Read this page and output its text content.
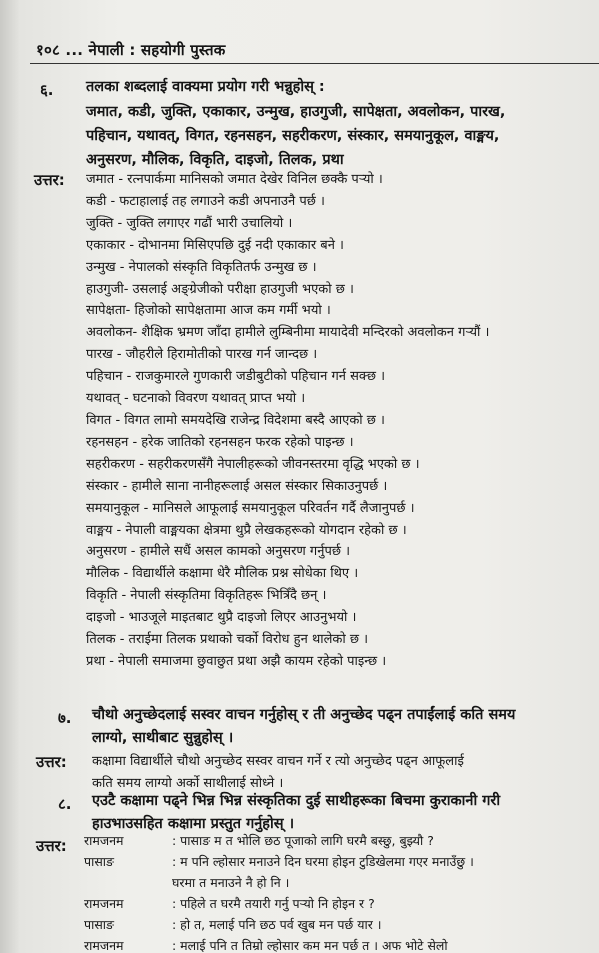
१०८ ... नेपाली : सहयोगी पुस्तक
६. तलका शब्दलाई वाक्यमा प्रयोग गरी भन्नुहोस् :
जमात, कडी, जुक्ति, एकाकार, उन्मुख, हाउगुजी, सापेक्षता, अवलोकन, पारख,
पहिचान, यथावत्, विगत, रहनसहन, सहरीकरण, संस्कार, समयानुकूल, वाङ्मय,
अनुसरण, मौलिक, विकृति, दाइजो, तिलक, प्रथा
उत्तर: जमात - रत्नपार्कमा मानिसको जमात देखेर विनिल छक्कै पऱ्यो ।
कडी - फटाहालाई तह लगाउने कडी अपनाउनै पर्छ ।
जुक्ति - जुक्ति लगाएर गढौं भारी उचालियो ।
एकाकार - दोभानमा मिसिएपछि दुई नदी एकाकार बने ।
उन्मुख - नेपालको संस्कृति विकृतितर्फ उन्मुख छ ।
हाउगुजी- उसलाई अङ्ग्रेजीको परीक्षा हाउगुजी भएको छ ।
सापेक्षता- हिजोको सापेक्षतामा आज कम गर्मी भयो ।
अवलोकन- शैक्षिक भ्रमण जाँदा हामीले लुम्बिनीमा मायादेवी मन्दिरको अवलोकन गऱ्यौं ।
पारख - जौहरीले हिरामोतीको पारख गर्न जान्दछ ।
पहिचान - राजकुमारले गुणकारी जडीबुटीको पहिचान गर्न सक्छ ।
यथावत् - घटनाको विवरण यथावत् प्राप्त भयो ।
विगत - विगत लामो समयदेखि राजेन्द्र विदेशमा बस्दै आएको छ ।
रहनसहन - हरेक जातिको रहनसहन फरक रहेको पाइन्छ ।
सहरीकरण - सहरीकरणसँगै नेपालीहरूको जीवनस्तरमा वृद्धि भएको छ ।
संस्कार - हामीले साना नानीहरूलाई असल संस्कार सिकाउनुपर्छ ।
समयानुकूल - मानिसले आफूलाई समयानुकूल परिवर्तन गर्दै लैजानुपर्छ ।
वाङ्मय - नेपाली वाङ्मयका क्षेत्रमा थुप्रै लेखकहरूको योगदान रहेको छ ।
अनुसरण - हामीले सधैं असल कामको अनुसरण गर्नुपर्छ ।
मौलिक - विद्यार्थीले कक्षामा धेरै मौलिक प्रश्न सोधेका थिए ।
विकृति - नेपाली संस्कृतिमा विकृतिहरू भित्रिँदै छन् ।
दाइजो - भाउजूले माइतबाट थुप्रै दाइजो लिएर आउनुभयो ।
तिलक - तराईमा तिलक प्रथाको चर्को विरोध हुन थालेको छ ।
प्रथा - नेपाली समाजमा छुवाछुत प्रथा अझै कायम रहेको पाइन्छ ।
७. चौथो अनुच्छेदलाई सस्वर वाचन गर्नुहोस् र ती अनुच्छेद पढ्न तपाईंलाई कति समय
लाग्यो, साथीबाट सुन्नुहोस् ।
उत्तर: कक्षामा विद्यार्थीले चौथो अनुच्छेद सस्वर वाचन गर्ने र त्यो अनुच्छेद पढ्न आफूलाई
कति समय लाग्यो अर्को साथीलाई सोध्ने ।
८. एउटै कक्षामा पढ्ने भिन्न भिन्न संस्कृतिका दुई साथीहरूका बिचमा कुराकानी गरी
हाउभाउसहित कक्षामा प्रस्तुत गर्नुहोस् ।
उत्तर: रामजनम	: पासाङ म त भोलि छठ पूजाको लागि घरमै बस्छु, बुझ्यौ ?
पासाङ	: म पनि ल्होसार मनाउने दिन घरमा होइन टुडिखेलमा गएर मनाउँछु ।
घरमा त मनाउने नै हो नि ।
रामजनम	: पहिले त घरमै तयारी गर्नु पऱ्यो नि होइन र ?
पासाङ	: हो त, मलाई पनि छठ पर्व खुब मन पर्छ यार ।
रामजनम	: मलाई पनि त तिम्रो ल्होसार कम मन पर्छ त । अफ भोटे सेलो
